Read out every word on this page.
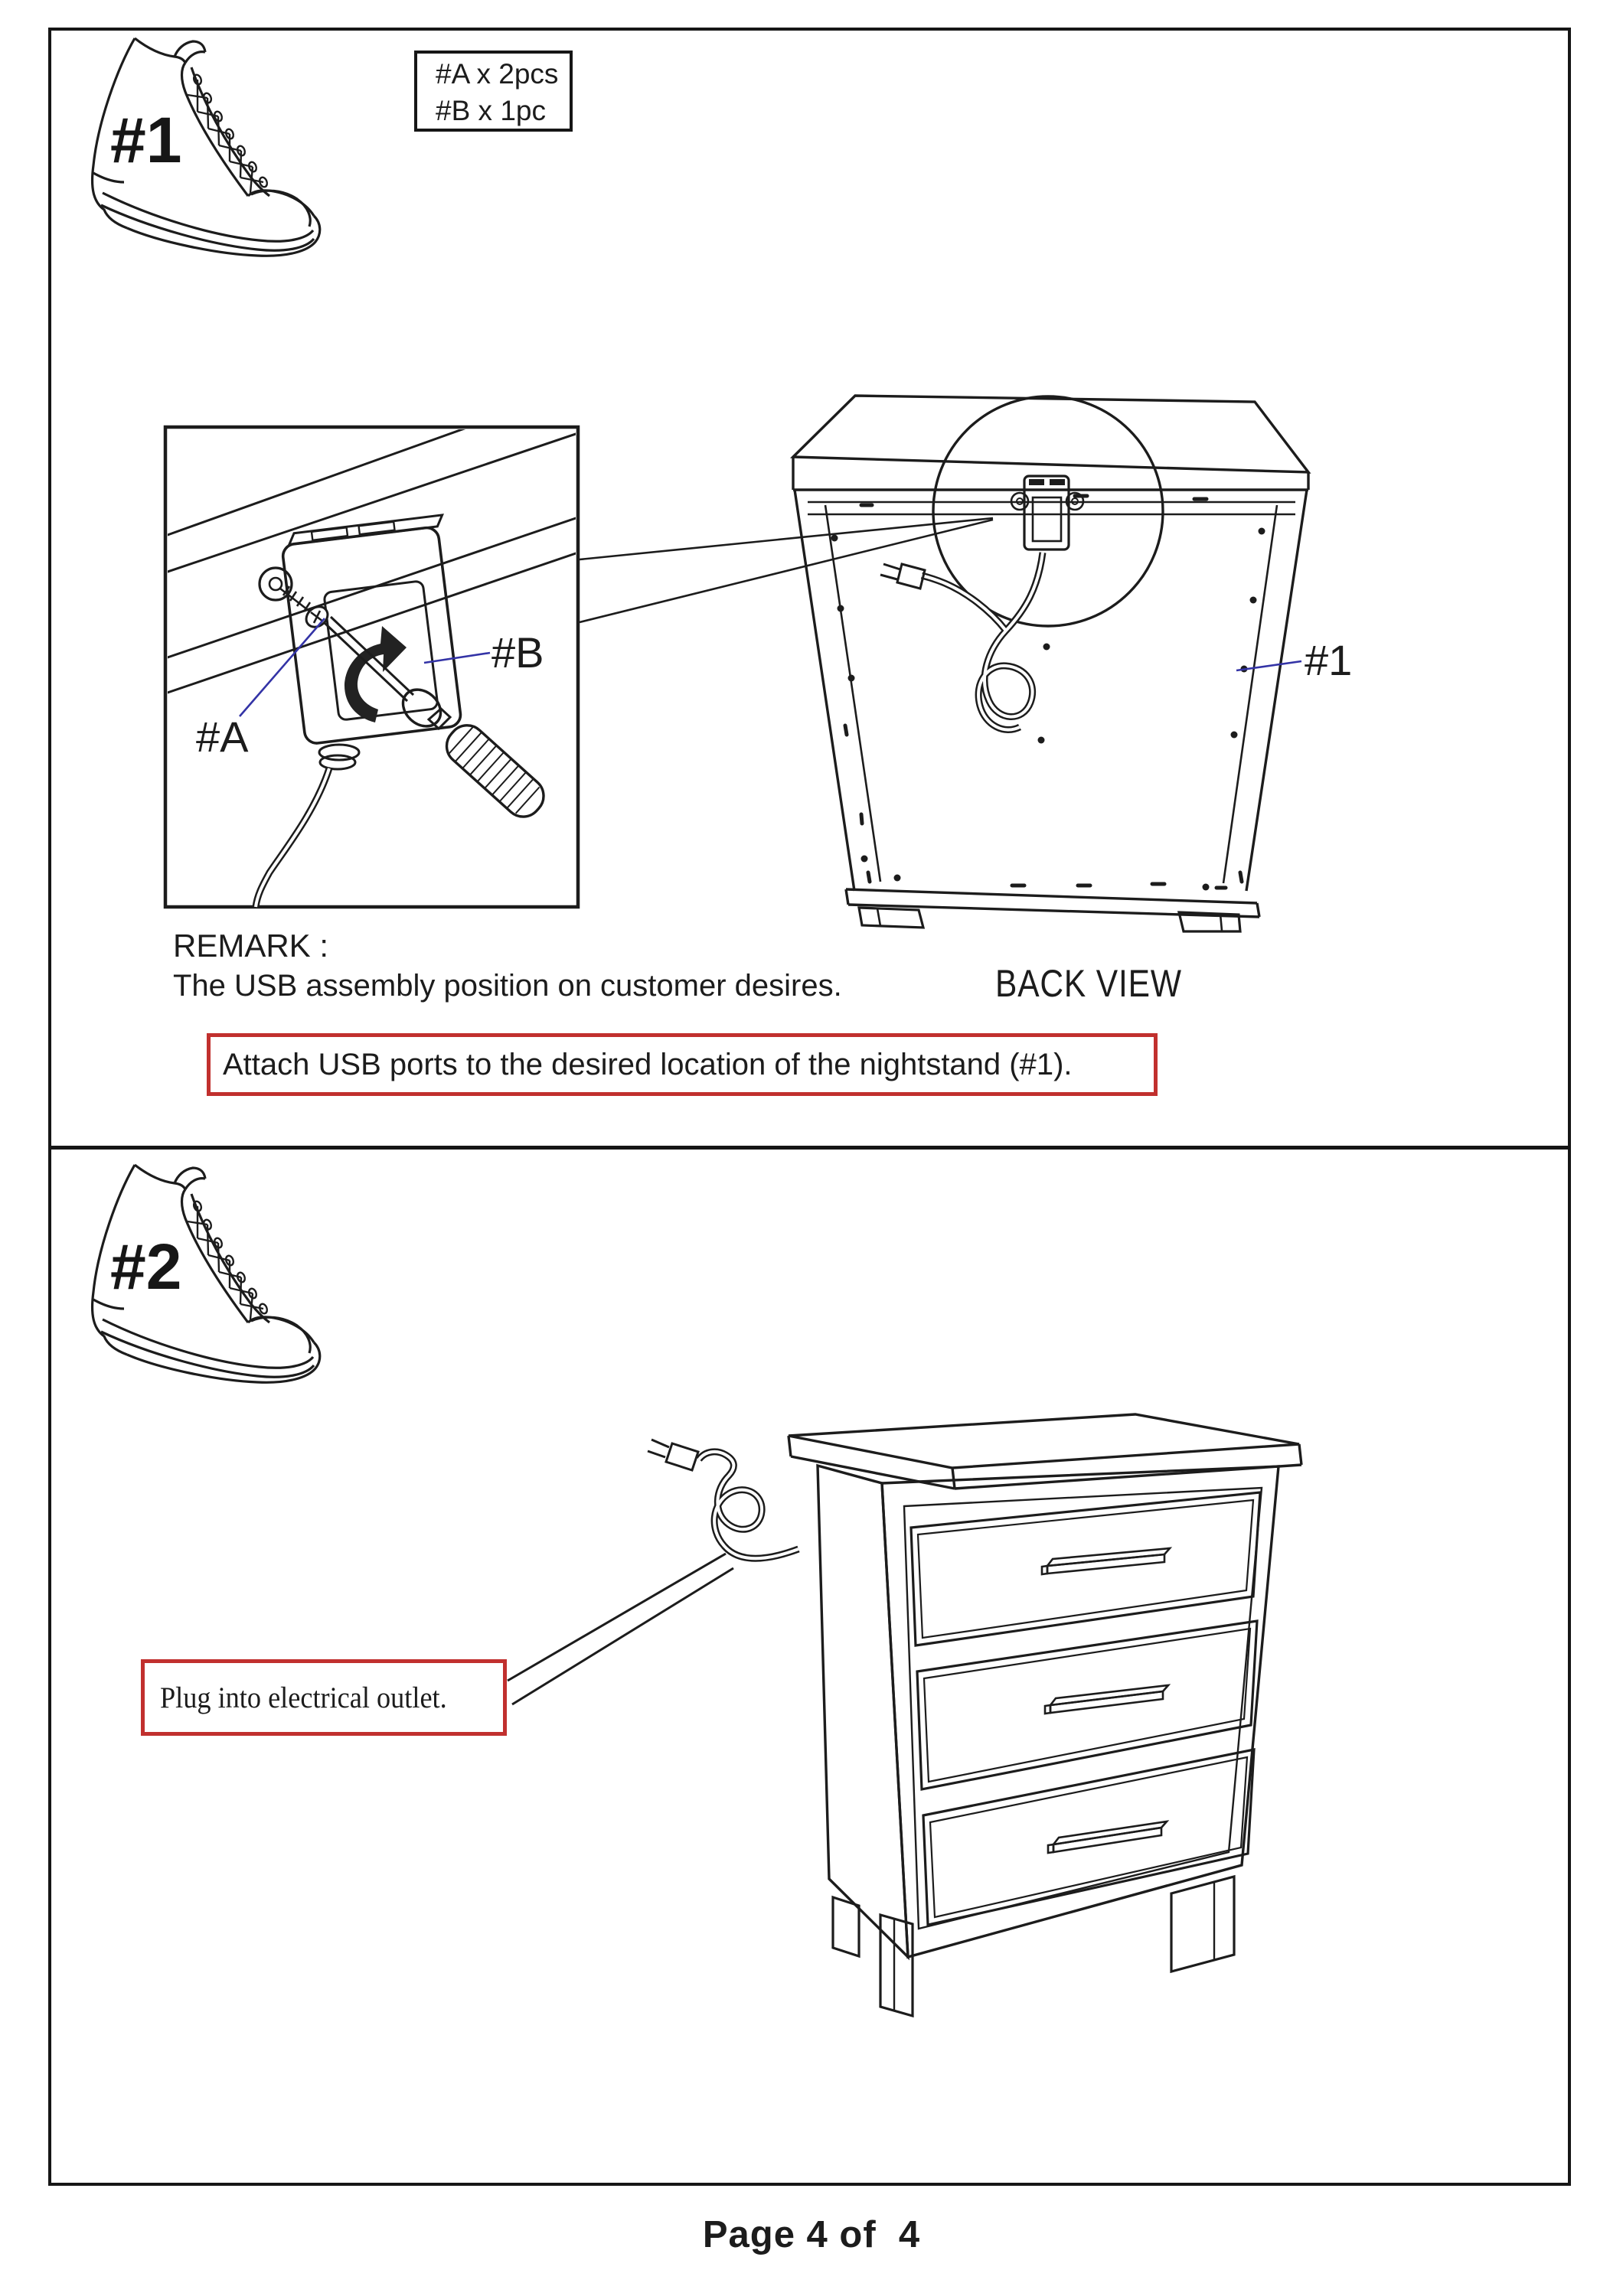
#1
#2
#A x 2pcs
#B x 1pc
#A
#B	#1
REMARK :
The USB assembly position on customer desires.	BACK VIEW
Attach USB ports to the desired location of the nightstand (#1).
Plug into electrical outlet.
Page 4 of  4
